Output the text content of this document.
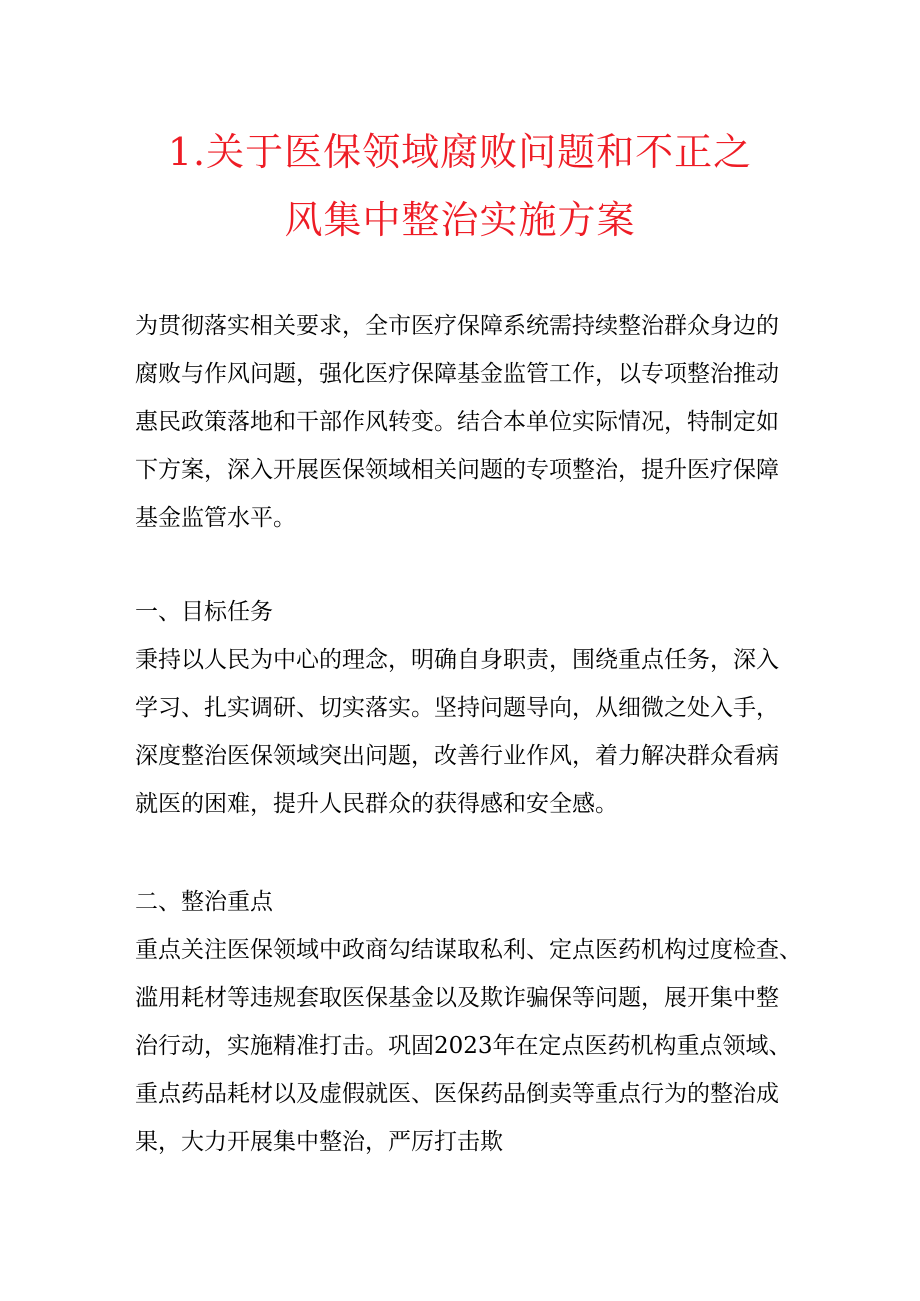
1.关于医保领域腐败问题和不正之
风集中整治实施方案
为贯彻落实相关要求，全市医疗保障系统需持续整治群众身边的
腐败与作风问题，强化医疗保障基金监管工作，以专项整治推动
惠民政策落地和干部作风转变。结合本单位实际情况，特制定如
下方案，深入开展医保领域相关问题的专项整治，提升医疗保障
基金监管水平。
一、目标任务
秉持以人民为中心的理念，明确自身职责，围绕重点任务，深入
学习、扎实调研、切实落实。坚持问题导向，从细微之处入手，
深度整治医保领域突出问题，改善行业作风，着力解决群众看病
就医的困难，提升人民群众的获得感和安全感。
二、整治重点
重点关注医保领域中政商勾结谋取私利、定点医药机构过度检查、
滥用耗材等违规套取医保基金以及欺诈骗保等问题，展开集中整
治行动，实施精准打击。巩固2023年在定点医药机构重点领域、
重点药品耗材以及虚假就医、医保药品倒卖等重点行为的整治成
果，大力开展集中整治，严厉打击欺
